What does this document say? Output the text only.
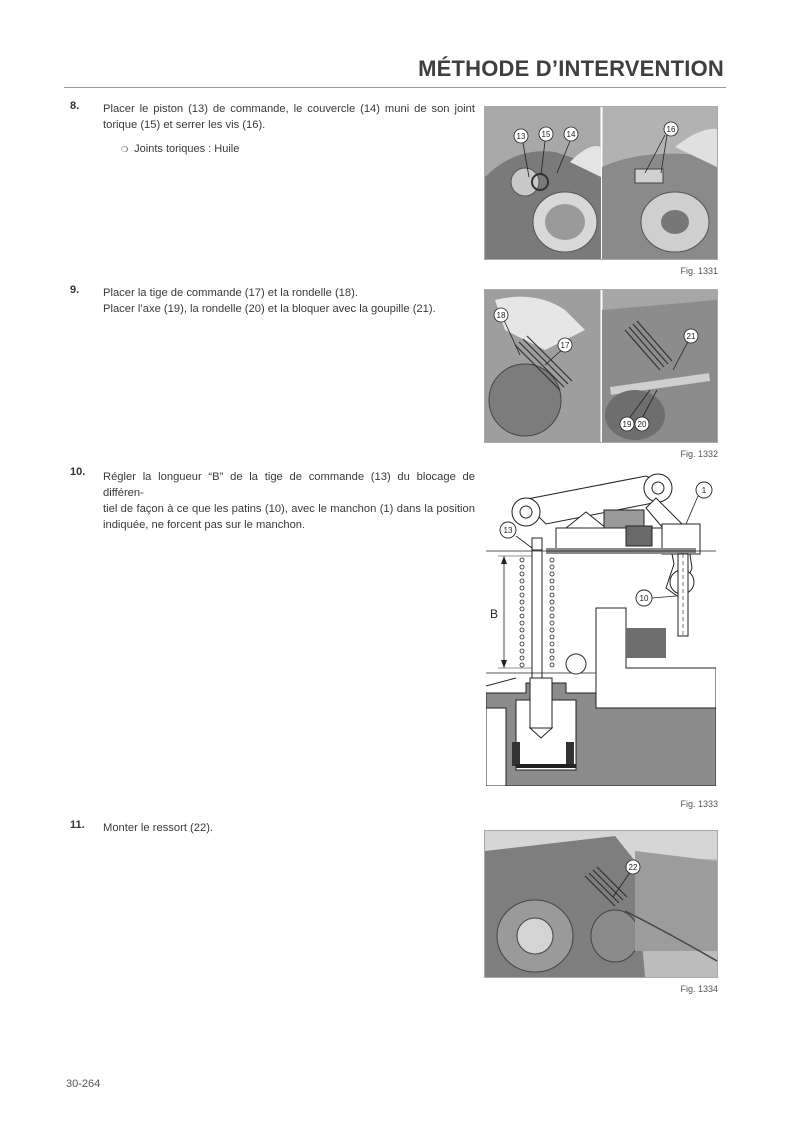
MÉTHODE D’INTERVENTION
8. Placer le piston (13) de commande, le couvercle (14) muni de son joint

torique (15) et serrer les vis (16).

❍ Joints toriques : Huile
13 15 14
16
Fig. 1331
9. Placer la tige de commande (17) et la rondelle (18).

Placer l’axe (19), la rondelle (20) et la bloquer avec la goupille (21).

18
17
21
19 20
Fig. 1332
10. Régler la longueur “B” de la tige de commande (13) du blocage de différen-

tiel de façon à ce que les patins (10), avec le manchon (1) dans la position

indiquée, ne forcent pas sur le manchon.

B
13
1
10
Fig. 1333
11. Monter le ressort (22).

22
Fig. 1334
30-264
